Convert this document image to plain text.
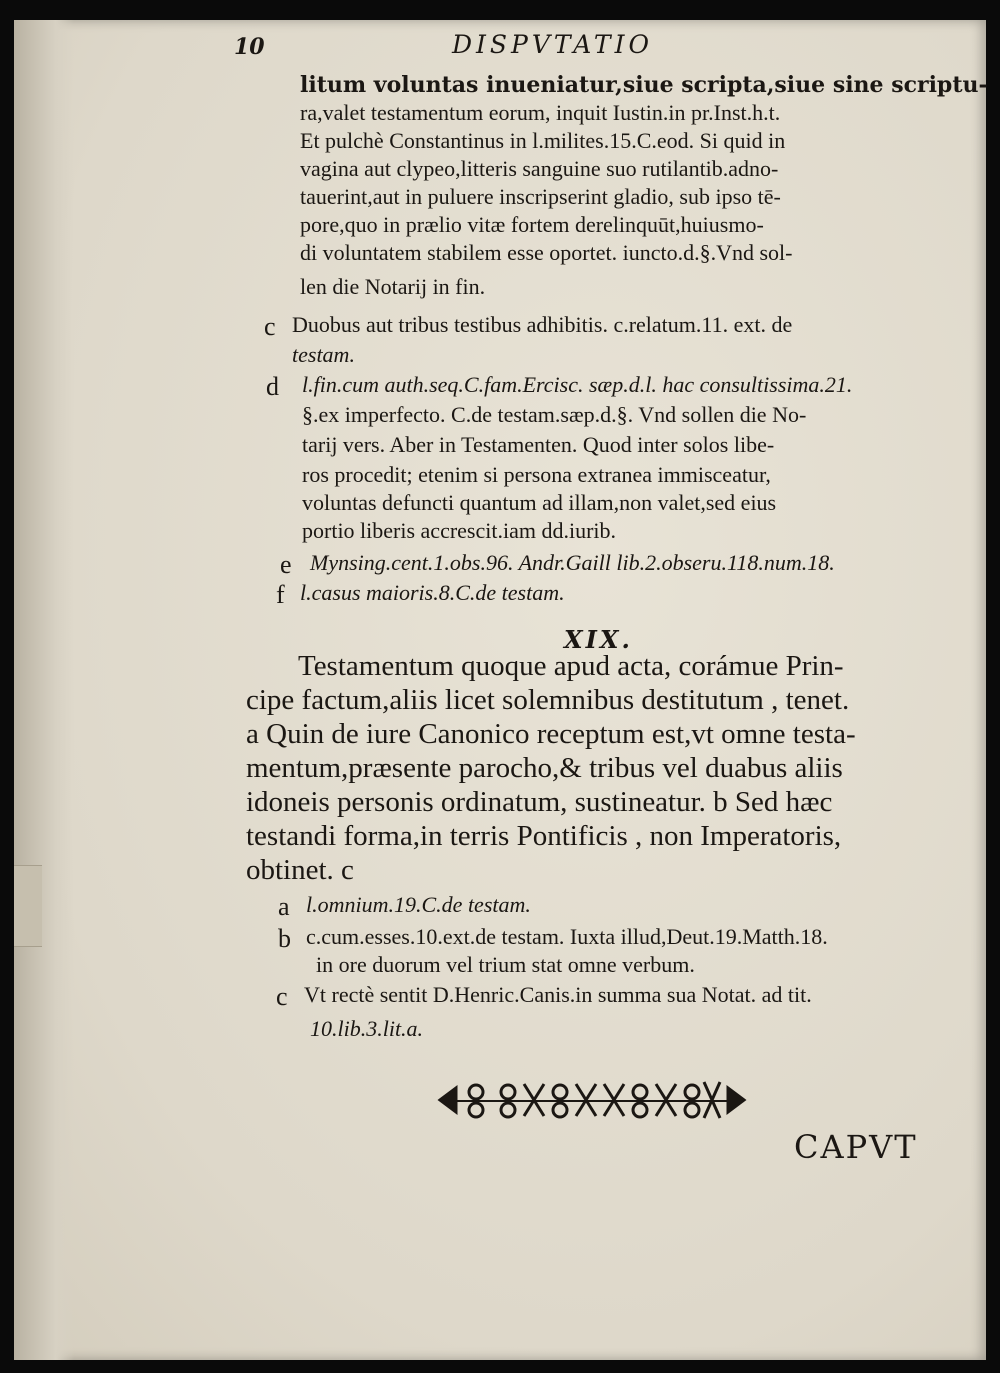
10	DISPVTATIO
litum voluntas inueniatur,siue scripta,siue sine scriptu-
ra,valet testamentum eorum, inquit Iustin.in pr.Inst.h.t.
Et pulchè Constantinus in l.milites.15.C.eod. Si quid in
vagina aut clypeo,litteris sanguine suo rutilantib.adno-
tauerint,aut in puluere inscripserint gladio, sub ipso tē-
pore,quo in prælio vitæ fortem derelinquūt,huiusmo-
di voluntatem stabilem esse oportet. iuncto.d.§.Vnd sol-
len die Notarij in fin.
c Duobus aut tribus testibus adhibitis. c.relatum.11. ext. de
testam.
d l.fin.cum auth.seq.C.fam.Ercisc. sæp.d.l. hac consultissima.21.
§.ex imperfecto. C.de testam.sæp.d.§. Vnd sollen die No-
tarij vers. Aber in Testamenten. Quod inter solos libe-
ros procedit; etenim si persona extranea immisceatur,
voluntas defuncti quantum ad illam,non valet,sed eius
portio liberis accrescit.iam dd.iurib.
e Mynsing.cent.1.obs.96. Andr.Gaill lib.2.obseru.118.num.18.
f l.casus maioris.8.C.de testam.
XIX.
Testamentum quoque apud acta, corámue Prin-
cipe factum,aliis licet solemnibus destitutum , tenet.
a Quin de iure Canonico receptum est,vt omne testa-
mentum,præsente parocho,& tribus vel duabus aliis
idoneis personis ordinatum, sustineatur. b Sed hæc
testandi forma,in terris Pontificis , non Imperatoris,
obtinet. c
a l.omnium.19.C.de testam.
b c.cum.esses.10.ext.de testam. Iuxta illud,Deut.19.Matth.18.
in ore duorum vel trium stat omne verbum.
c Vt rectè sentit D.Henric.Canis.in summa sua Notat. ad tit.
10.lib.3.lit.a.
CAPVT
